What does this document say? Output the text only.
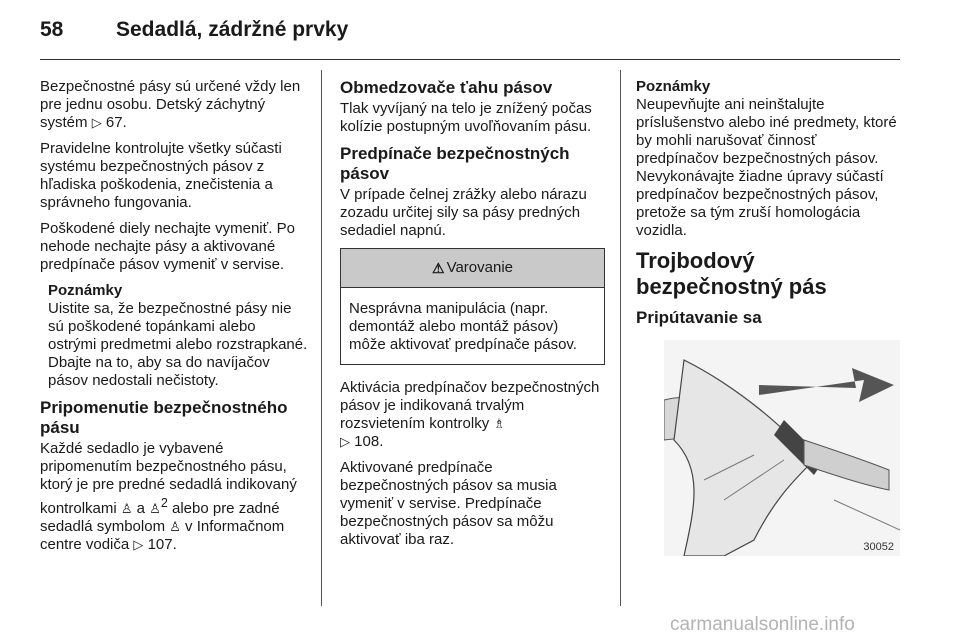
58	Sedadlá, zádržné prvky

Bezpečnostné pásy sú určené vždy len pre jednu osobu. Detský záchytný systém ▷ 67.

Pravidelne kontrolujte všetky súčasti systému bezpečnostných pásov z hľadiska poškodenia, znečistenia a správneho fungovania.

Poškodené diely nechajte vymeniť. Po nehode nechajte pásy a aktivované predpínače pásov vymeniť v servise.

Poznámky
Uistite sa, že bezpečnostné pásy nie sú poškodené topánkami alebo ostrými predmetmi alebo rozstrapkané. Dbajte na to, aby sa do navíjačov pásov nedostali nečistoty.
Pripomenutie bezpečnostného pásu

Každé sedadlo je vybavené pripomenutím bezpečnostného pásu, ktorý je pre predné sedadlá indikovaný kontrolkami ♙ a ♙$^2$ alebo pre zadné sedadlá symbolom ♙ v Informačnom centre vodiča ▷ 107.

Obmedzovače ťahu pásov

Tlak vyvíjaný na telo je znížený počas kolízie postupným uvoľňovaním pásu.

Predpínače bezpečnostných pásov

V prípade čelnej zrážky alebo nárazu zozadu určitej sily sa pásy predných sedadiel napnú.

⚠ Varovanie
Nesprávna manipulácia (napr. demontáž alebo montáž pásov) môže aktivovať predpínače pásov.

Aktivácia predpínačov bezpečnostných pásov je indikovaná trvalým rozsvietením kontrolky ♗
▷ 108.

Aktivované predpínače bezpečnostných pásov sa musia vymeniť v servise. Predpínače bezpečnostných pásov sa môžu aktivovať iba raz.

Poznámky
Neupevňujte ani neinštalujte príslušenstvo alebo iné predmety, ktoré by mohli narušovať činnosť predpínačov bezpečnostných pásov. Nevykonávajte žiadne úpravy súčastí predpínačov bezpečnostných pásov, pretože sa tým zruší homologácia vozidla.
Trojbodový bezpečnostný pás
Pripútavanie sa
30052
carmanualsonline.info
